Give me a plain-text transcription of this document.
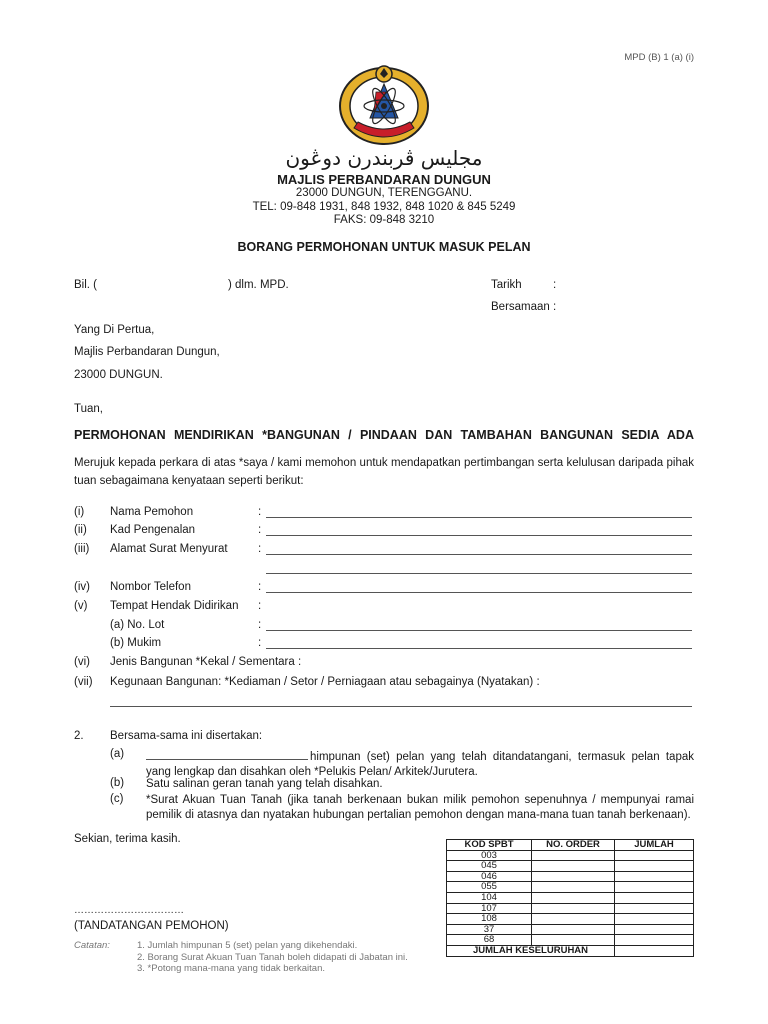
MPD (B) 1 (a) (i)
مجليس ڤربندرن دوڠون
MAJLIS PERBANDARAN DUNGUN
23000 DUNGUN, TERENGGANU.
TEL: 09-848 1931, 848 1932, 848 1020 & 845 5249
FAKS: 09-848 3210
BORANG PERMOHONAN UNTUK MASUK PELAN
Bil. (	) dlm. MPD.	Tarikh	:
Bersamaan :
Yang Di Pertua,
Majlis Perbandaran Dungun,
23000 DUNGUN.
Tuan,
PERMOHONAN MENDIRIKAN *BANGUNAN / PINDAAN DAN TAMBAHAN BANGUNAN SEDIA ADA
Merujuk kepada perkara di atas *saya / kami memohon untuk mendapatkan pertimbangan serta kelulusan daripada pihak tuan sebagaimana kenyataan seperti berikut:
(i) Nama Pemohon	:
(ii) Kad Pengenalan	:
(iii) Alamat Surat Menyurat	:
(iv) Nombor Telefon	:
(v) Tempat Hendak Didirikan :
(a) No. Lot	:
(b) Mukim	:
(vi) Jenis Bangunan *Kekal / Sementara :
(vii) Kegunaan Bangunan: *Kediaman / Setor / Perniagaan atau sebagainya (Nyatakan) :
2. Bersama-sama ini disertakan:
(a)	himpunan (set) pelan yang telah ditandatangani, termasuk pelan tapak yang lengkap dan disahkan oleh *Pelukis Pelan/ Arkitek/Jurutera.
(b) Satu salinan geran tanah yang telah disahkan.
(c) *Surat Akuan Tuan Tanah (jika tanah berkenaan bukan milik pemohon sepenuhnya / mempunyai ramai pemilik di atasnya dan nyatakan hubungan pertalian pemohon dengan mana-mana tuan tanah berkenaan).
Sekian, terima kasih.
……………………………
(TANDATANGAN PEMOHON)
Catatan:	1. Jumlah himpunan 5 (set) pelan yang dikehendaki.
2. Borang Surat Akuan Tuan Tanah boleh didapati di Jabatan ini.
3. *Potong mana-mana yang tidak berkaitan.
KOD SPBT	NO. ORDER	JUMLAH
003		
045		
046		
055		
104		
107		
108		
37		
68		
JUMLAH KESELURUHAN		
